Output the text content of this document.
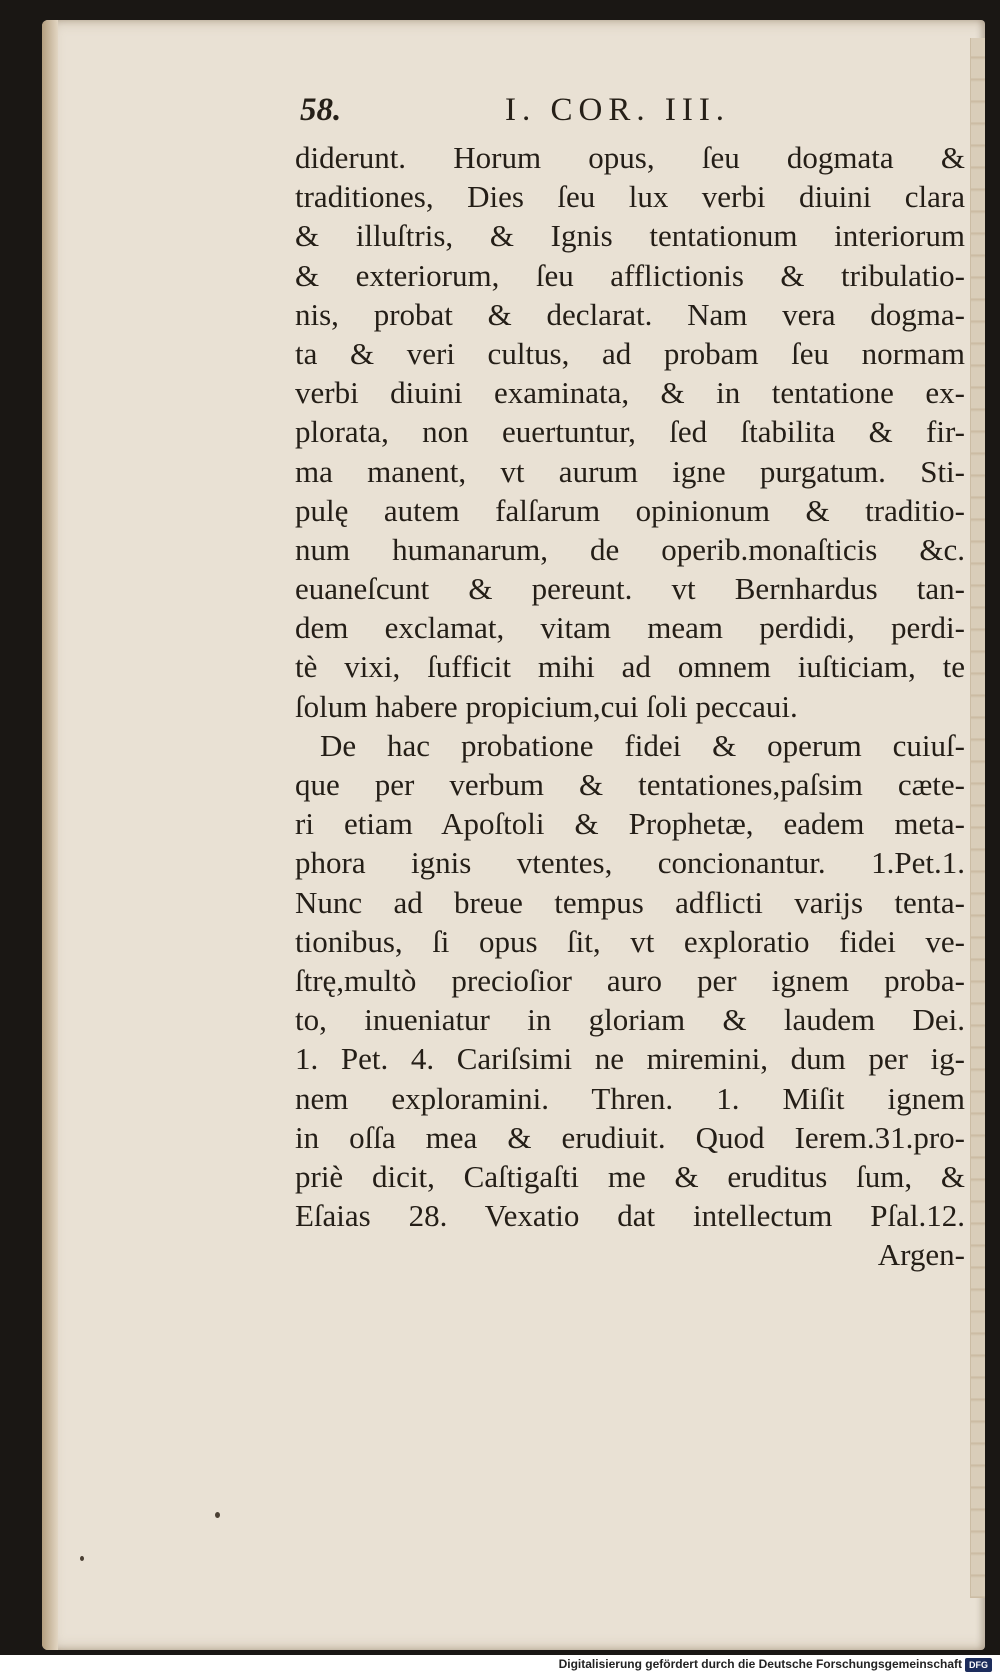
58.	I. COR. III.
diderunt. Horum opus, ſeu dogmata &
traditiones, Dies ſeu lux verbi diuini clara
& illuſtris, & Ignis tentationum interiorum
& exteriorum, ſeu afflictionis & tribulatio-
nis, probat & declarat. Nam vera dogma-
ta & veri cultus, ad probam ſeu normam
verbi diuini examinata, & in tentatione ex-
plorata, non euertuntur, ſed ſtabilita & fir-
ma manent, vt aurum igne purgatum. Sti-
pulę autem falſarum opinionum & traditio-
num humanarum, de operib.monaſticis &c.
euaneſcunt & pereunt. vt Bernhardus tan-
dem exclamat, vitam meam perdidi, perdi-
tè vixi, ſufficit mihi ad omnem iuſticiam, te
ſolum habere propicium,cui ſoli peccaui.
De hac probatione fidei & operum cuiuſ-
que per verbum & tentationes,paſsim cæte-
ri etiam Apoſtoli & Prophetæ, eadem meta-
phora ignis vtentes, concionantur. 1.Pet.1.
Nunc ad breue tempus adflicti varijs tenta-
tionibus, ſi opus ſit, vt exploratio fidei ve-
ſtrę,multò precioſior auro per ignem proba-
to, inueniatur in gloriam & laudem Dei.
1. Pet. 4. Cariſsimi ne miremini, dum per ig-
nem exploramini. Thren. 1. Miſit ignem
in oſſa mea & erudiuit. Quod Ierem.31.pro-
priè dicit, Caſtigaſti me & eruditus ſum, &
Eſaias 28. Vexatio dat intellectum Pſal.12.
Argen-
Digitalisierung gefördert durch die Deutsche Forschungsgemeinschaft DFG
